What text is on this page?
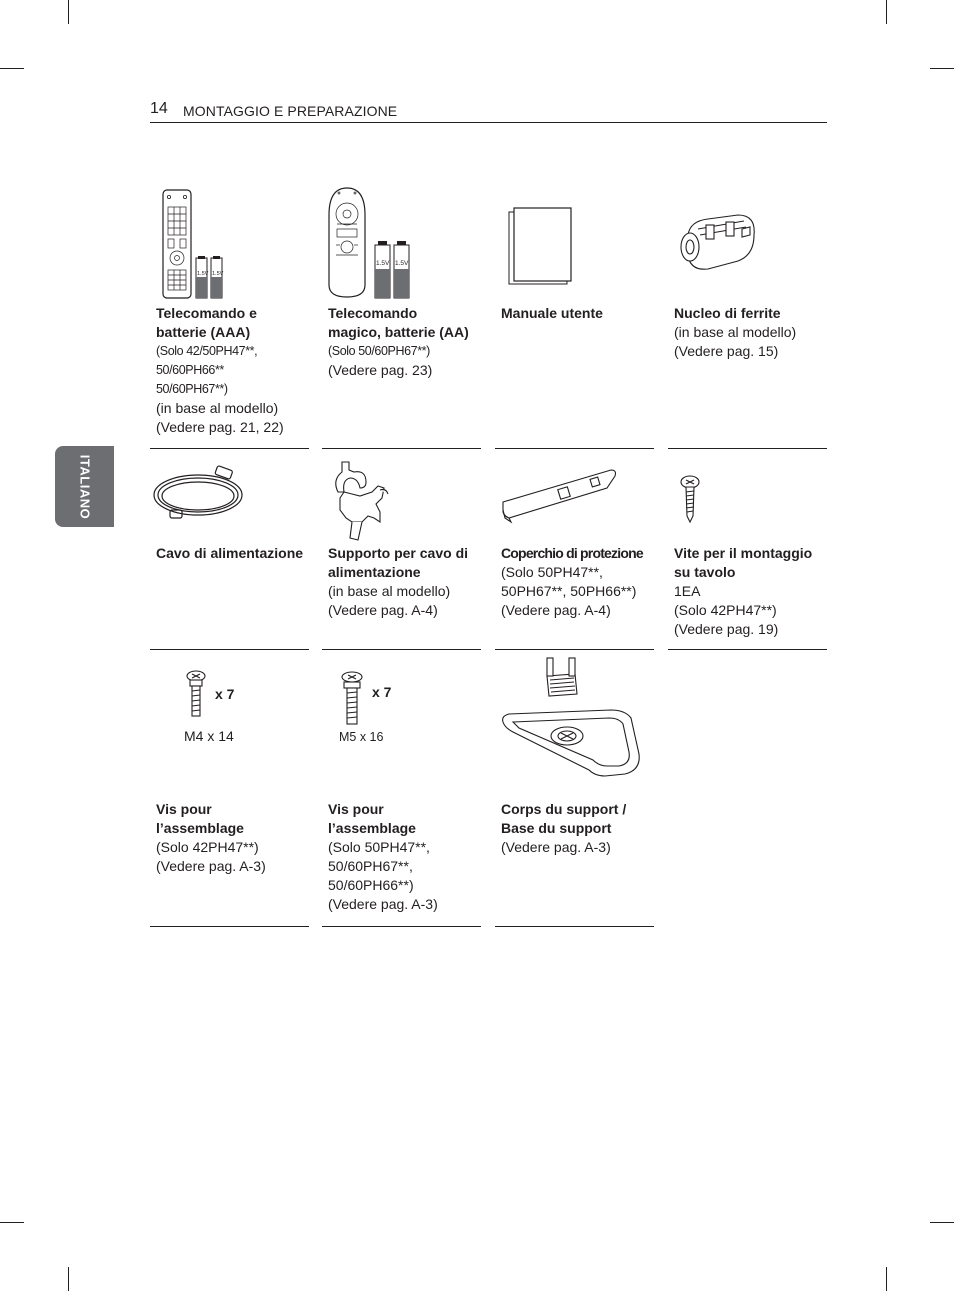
14 MONTAGGIO E PREPARAZIONE
ITALIANO
1.5V 1.5V
Telecomando e
batterie (AAA)
(Solo 42/50PH47**,
50/60PH66**
50/60PH67**)
(in base al modello)
(Vedere pag. 21, 22)
1.5V 1.5V
Telecomando
magico, batterie (AA)
(Solo 50/60PH67**)
(Vedere pag. 23)
Manuale utente	Nucleo di ferrite
(in base al modello)
(Vedere pag. 15)
Cavo di alimentazione	Supporto per cavo di
alimentazione
(in base al modello)
(Vedere pag. A-4)
Coperchio di protezione
(Solo 50PH47**,
50PH67**, 50PH66**)
(Vedere pag. A-4)
Vite per il montaggio
su tavolo
1EA
(Solo 42PH47**)
(Vedere pag. 19)
x 7
M4 x 14
Vis pour
l’assemblage
(Solo 42PH47**)
(Vedere pag. A-3)
x 7
M5 x 16
Vis pour
l’assemblage
(Solo 50PH47**,
50/60PH67**,
50/60PH66**)
(Vedere pag. A-3)
Corps du support /
Base du support
(Vedere pag. A-3)
